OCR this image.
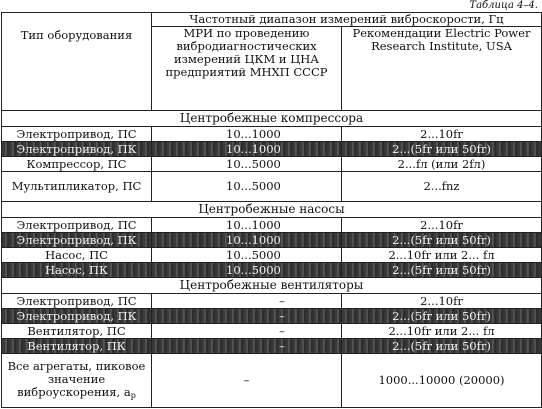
Таблица 4–4.
Тип оборудования	Частотный диапазон измерений виброскорости, Гц	
	МРИ по проведению вибродиагностических измерений ЦКМ и ЦНА предприятий МНХП СССР	Рекомендации Electric Power Research Institute, USA
Центробежные компрессора		
Электропривод, ПС	10...1000	2...10fr
Электропривод, ПК	10...1000	2...(5fr или 50fr)
Компрессор, ПС	10...5000	2...fл (или 2fл)
Мультипликатор, ПС	10...5000	2...fnz
Центробежные насосы		
Электропривод, ПС	10...1000	2...10fr
Электропривод, ПК	10...1000	2...(5fr или 50fr)
Насос, ПС	10...5000	2...10fr или 2... fл
Насос, ПК	10...5000	2...(5fr или 50fr)
Центробежные вентиляторы		
Электропривод, ПС	–	2...10fr
Электропривод, ПК	–	2...(5fr или 50fr)
Вентилятор, ПС	–	2...10fr или 2... fл
Вентилятор, ПК	–	2...(5fr или 50fr)
Все агрегаты, пиковое значение виброускорения, $a_p$	–	1000...10000 (20000)
